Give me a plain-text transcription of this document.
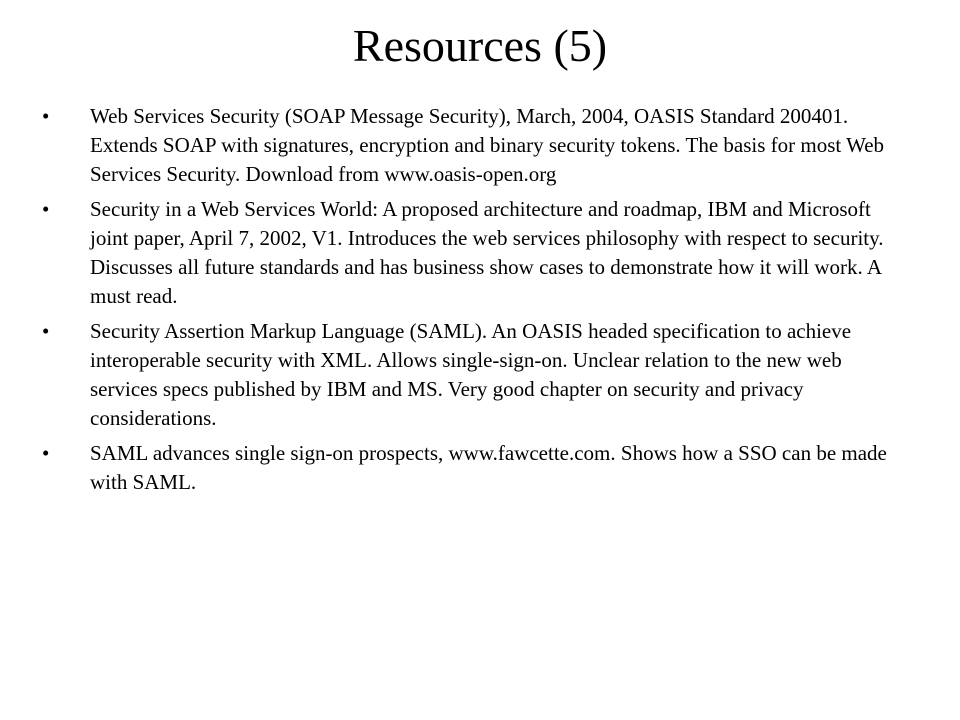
Resources (5)
• Web Services Security (SOAP Message Security), March, 2004, OASIS Standard 200401. Extends SOAP with signatures, encryption and binary security tokens. The basis for most Web Services Security. Download from www.oasis-open.org
• Security in a Web Services World: A proposed architecture and roadmap, IBM and Microsoft joint paper, April 7, 2002, V1. Introduces the web services philosophy with respect to security. Discusses all future standards and has business show cases to demonstrate how it will work. A must read.
• Security Assertion Markup Language (SAML). An OASIS headed specification to achieve interoperable security with XML. Allows single-sign-on. Unclear relation to the new web services specs published by IBM and MS. Very good chapter on security and privacy considerations.
• SAML advances single sign-on prospects, www.fawcette.com. Shows how a SSO can be made with SAML.
